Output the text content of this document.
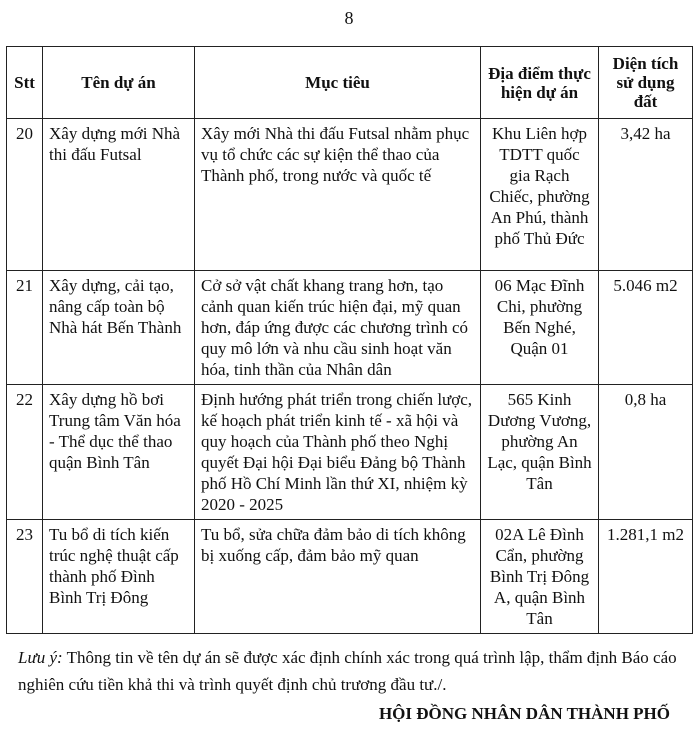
8
Stt	Tên dự án	Mục tiêu	Địa điểm thực hiện dự án	Diện tích sử dụng đất
20	Xây dựng mới Nhà thi đấu Futsal	Xây mới Nhà thi đấu Futsal nhằm phục vụ tổ chức các sự kiện thể thao của Thành phố, trong nước và quốc tế	Khu Liên hợp TDTT quốc gia Rạch Chiếc, phường An Phú, thành phố Thủ Đức	3,42 ha
21	Xây dựng, cải tạo, nâng cấp toàn bộ Nhà hát Bến Thành	Cở sở vật chất khang trang hơn, tạo cảnh quan kiến trúc hiện đại, mỹ quan hơn, đáp ứng được các chương trình có quy mô lớn và nhu cầu sinh hoạt văn hóa, tinh thần của Nhân dân	06 Mạc Đĩnh Chi, phường Bến Nghé, Quận 01	5.046 m2
22	Xây dựng hồ bơi Trung tâm Văn hóa - Thể dục thể thao quận Bình Tân	Định hướng phát triển trong chiến lược, kế hoạch phát triển kinh tế - xã hội và quy hoạch của Thành phố theo Nghị quyết Đại hội Đại biểu Đảng bộ Thành phố Hồ Chí Minh lần thứ XI, nhiệm kỳ 2020 - 2025	565 Kinh Dương Vương, phường An Lạc, quận Bình Tân	0,8 ha
23	Tu bổ di tích kiến trúc nghệ thuật cấp thành phố Đình Bình Trị Đông	Tu bổ, sửa chữa đảm bảo di tích không bị xuống cấp, đảm bảo mỹ quan	02A Lê Đình Cẩn, phường Bình Trị Đông A, quận Bình Tân	1.281,1 m2
Lưu ý: Thông tin về tên dự án sẽ được xác định chính xác trong quá trình lập, thẩm định Báo cáo nghiên cứu tiền khả thi và trình quyết định chủ trương đầu tư./.
HỘI ĐỒNG NHÂN DÂN THÀNH PHỐ
